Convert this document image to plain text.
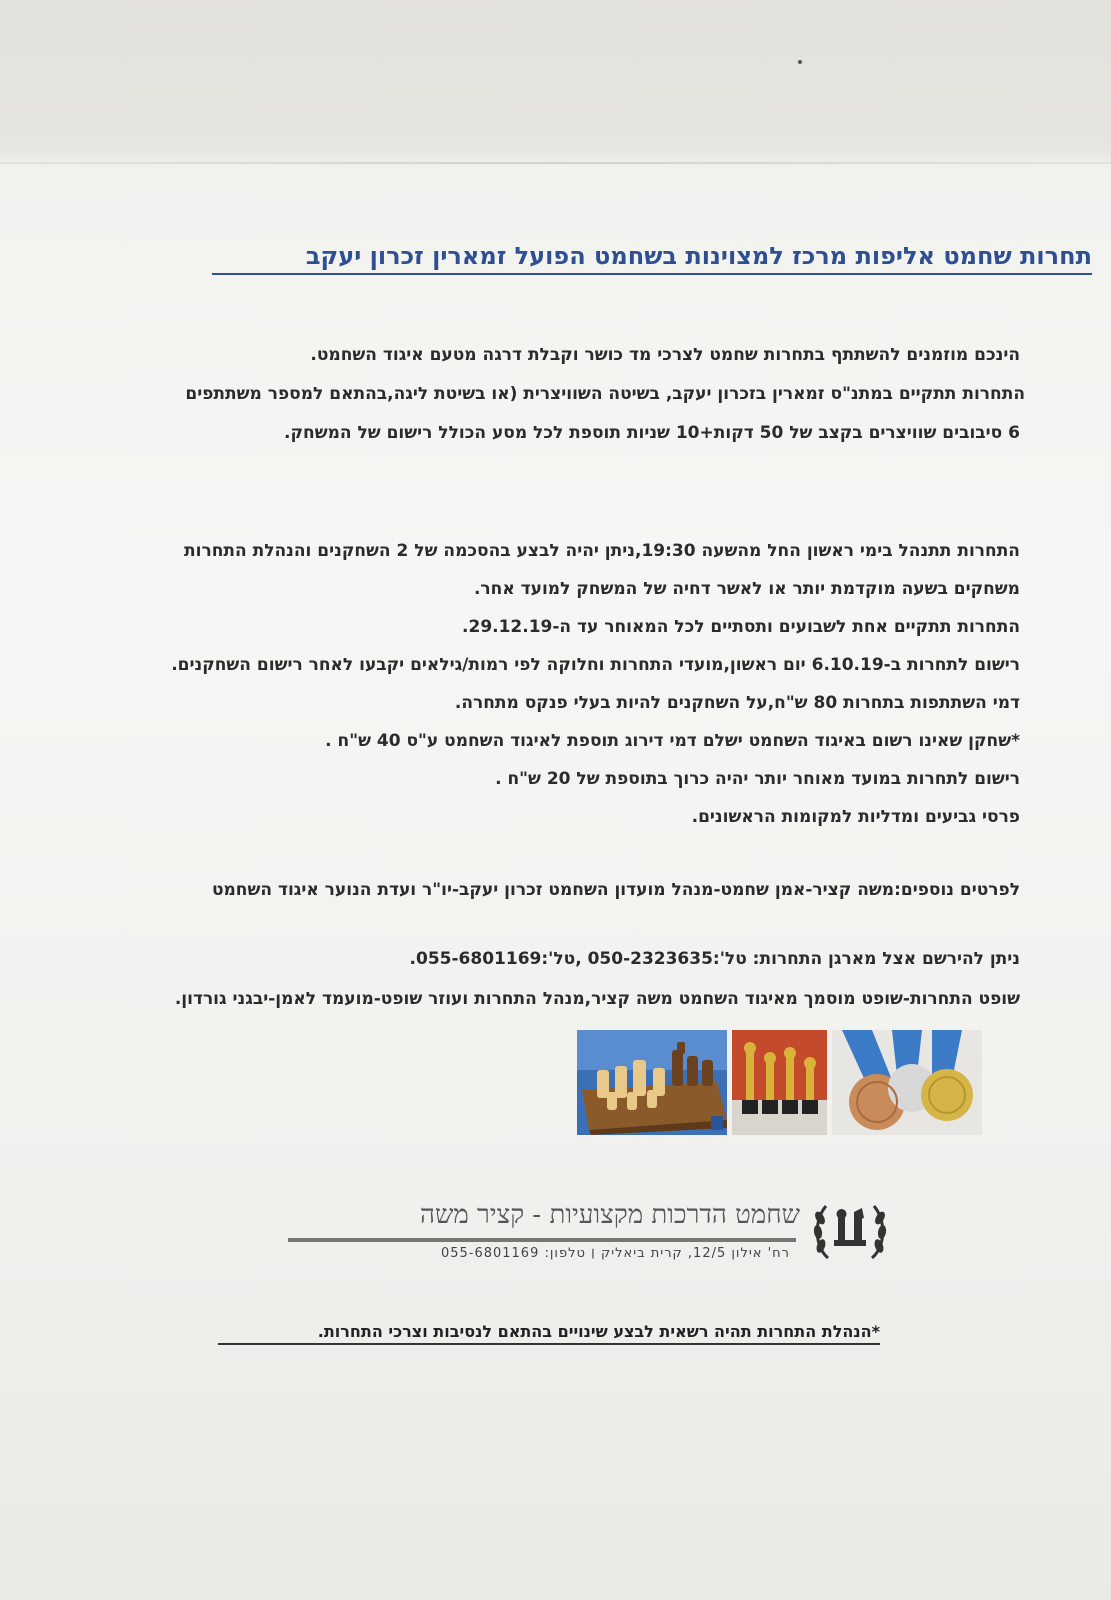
תחרות שחמט אליפות מרכז למצוינות בשחמט הפועל זמארין זכרון יעקב
הינכם מוזמנים להשתתף בתחרות שחמט לצרכי מד כושר וקבלת דרגה מטעם איגוד השחמט.
התחרות תתקיים במתנ"ס זמארין בזכרון יעקב, בשיטה השוויצרית (או בשיטת ליגה,בהתאם למספר משתתפים
6 סיבובים שוויצרים בקצב של 50 דקות+10 שניות תוספת לכל מסע הכולל רישום של המשחק.
התחרות תתנהל בימי ראשון החל מהשעה 19:30,ניתן יהיה לבצע בהסכמה של 2 השחקנים והנהלת התחרות
משחקים בשעה מוקדמת יותר או לאשר דחיה של המשחק למועד אחר.
התחרות תתקיים אחת לשבועים ותסתיים לכל המאוחר עד ה-29.12.19.
רישום לתחרות ב-6.10.19 יום ראשון,מועדי התחרות וחלוקה לפי רמות/גילאים יקבעו לאחר רישום השחקנים.
דמי השתתפות בתחרות 80 ש"ח,על השחקנים להיות בעלי פנקס מתחרה.
*שחקן שאינו רשום באיגוד השחמט ישלם דמי דירוג תוספת לאיגוד השחמט ע"ס 40 ש"ח .
רישום לתחרות במועד מאוחר יותר יהיה כרוך בתוספת של 20 ש"ח .
פרסי גביעים ומדליות למקומות הראשונים.
לפרטים נוספים:משה קציר-אמן שחמט-מנהל מועדון השחמט זכרון יעקב-יו"ר ועדת הנוער איגוד השחמט
ניתן להירשם אצל מארגן התחרות: טל':050-2323635 ,טל':055-6801169.
שופט התחרות-שופט מוסמך מאיגוד השחמט משה קציר,מנהל התחרות ועוזר שופט-מועמד לאמן-יבגני גורדון.
שחמט הדרכות מקצועיות - קציר משה
רח' אילון 12/5, קרית ביאליק ׀ טלפון: 055-6801169
*הנהלת התחרות תהיה רשאית לבצע שינויים בהתאם לנסיבות וצרכי התחרות.
